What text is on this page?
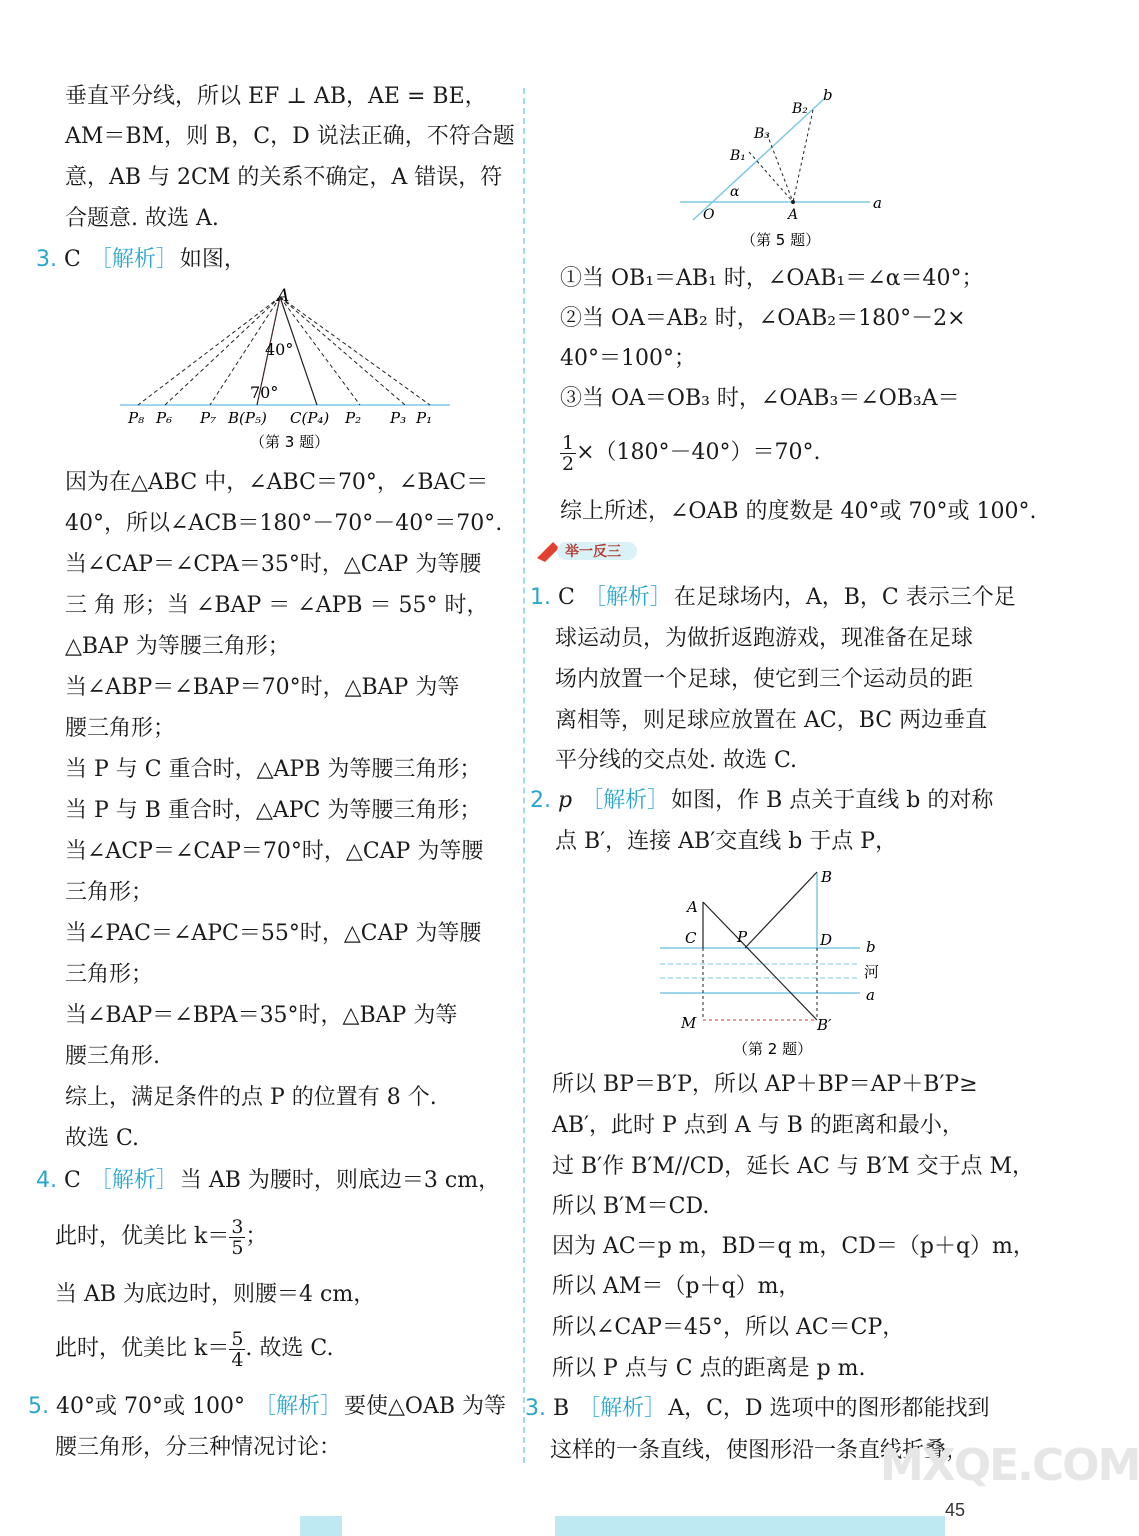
垂直平分线，所以 EF ⊥ AB，AE = BE，
AM＝BM，则 B，C，D 说法正确，不符合题
意，AB 与 2CM 的关系不确定，A 错误，符
合题意. 故选 A.
3. C ［解析］如图，
A
40°
70°
P₈ P₆ P₇ B(P₅) C(P₄) P₂ P₃ P₁
（第 3 题）
因为在△ABC 中，∠ABC＝70°，∠BAC＝
40°，所以∠ACB＝180°－70°－40°＝70°.
当∠CAP＝∠CPA＝35°时，△CAP 为等腰
三 角 形；当 ∠BAP ＝ ∠APB ＝ 55° 时，
△BAP 为等腰三角形；
当∠ABP＝∠BAP＝70°时，△BAP 为等
腰三角形；
当 P 与 C 重合时，△APB 为等腰三角形；
当 P 与 B 重合时，△APC 为等腰三角形；
当∠ACP＝∠CAP＝70°时，△CAP 为等腰
三角形；
当∠PAC＝∠APC＝55°时，△CAP 为等腰
三角形；
当∠BAP＝∠BPA＝35°时，△BAP 为等
腰三角形.
综上，满足条件的点 P 的位置有 8 个.
故选 C.
4. C ［解析］当 AB 为腰时，则底边＝3 cm，
此时，优美比 $k= \frac{3}{5}$ ；
当 AB 为底边时，则腰＝4 cm，
此时，优美比 $k= \frac{5}{4}$ . 故选 C.
5. 40°或 70°或 100° ［解析］要使△OAB 为等
腰三角形，分三种情况讨论：
b
B₂
B₃
B₁
α
O	A
a
（第 5 题）
①当 OB₁＝AB₁ 时，∠OAB₁＝∠α＝40°；
②当 OA＝AB₂ 时，∠OAB₂＝180°－2×
40°＝100°；
③当 OA＝OB₃ 时，∠OAB₃＝∠OB₃A＝
$\frac{1}{2} \times(180^\circ-40^\circ)=70^\circ$.
综上所述，∠OAB 的度数是 40°或 70°或 100°.
举一反三
1. C ［解析］在足球场内，A，B，C 表示三个足
球运动员，为做折返跑游戏，现准备在足球
场内放置一个足球，使它到三个运动员的距
离相等，则足球应放置在 AC，BC 两边垂直
平分线的交点处. 故选 C.
2. p ［解析］如图，作 B 点关于直线 b 的对称
点 B′，连接 AB′交直线 b 于点 P，
B
A
C	P	D b
河
a
M	B′
（第 2 题）
所以 BP＝B′P，所以 AP＋BP＝AP＋B′P≥
AB′，此时 P 点到 A 与 B 的距离和最小，
过 B′作 B′M//CD，延长 AC 与 B′M 交于点 M，
所以 B′M＝CD.
因为 AC＝p m，BD＝q m，CD＝（p＋q）m，
所以 AM＝（p＋q）m，
所以∠CAP＝45°，所以 AC＝CP，
所以 P 点与 C 点的距离是 p m.
3. B ［解析］A，C，D 选项中的图形都能找到
这样的一条直线，使图形沿一条直线折叠，
MXQE.COM
45
